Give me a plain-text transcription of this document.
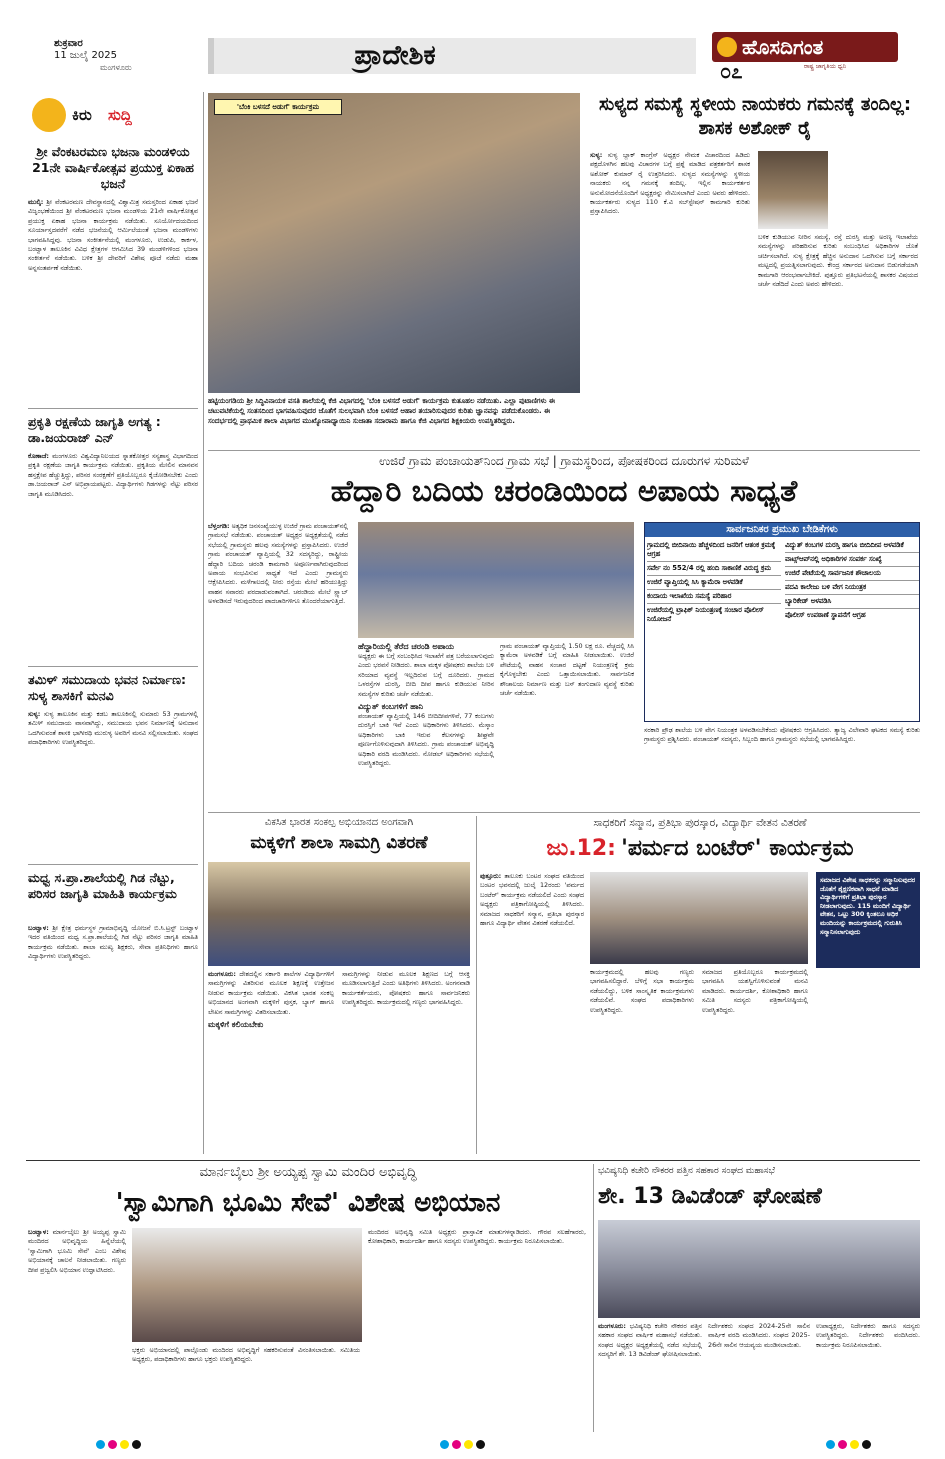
ಶುಕ್ರವಾರ
11 ಜುಲೈ 2025
ಮಂಗಳೂರು	ಪ್ರಾದೇಶಿಕ	ಹೊಸದಿಗಂತ
ರಾಷ್ಟ್ರ ಜಾಗೃತಿಯ ಧ್ವನಿ
೦೭
ಕಿರು ಸುದ್ದಿ
ಶ್ರೀ ವೆಂಕಟರಮಣ ಭಜನಾ ಮಂಡಳಿಯ 21ನೇ ವಾರ್ಷಿಕೋತ್ಸವ ಪ್ರಯುಕ್ತ ಏಕಾಹ ಭಜನೆ
ಮುಲ್ಕಿ: ಶ್ರೀ ವೆಂಕಟರಮಣ ದೇವಸ್ಥಾನದಲ್ಲಿ ವಿಶ್ವಾಮಿತ್ರ ಸಮಸ್ತರಿಂದ ಏಕಾಹ ಭಜನೆ ವಿಜೃಂಭಣೆಯಿಂದ ಶ್ರೀ ವೆಂಕಟರಮಣ ಭಜನಾ ಮಂಡಳಿಯ 21ನೇ ವಾರ್ಷಿಕೋತ್ಸವ ಪ್ರಯುಕ್ತ ಏಕಾಹ ಭಜನಾ ಕಾರ್ಯಕ್ರಮ ನಡೆಯಿತು. ಸೂರ್ಯೋದಯದಿಂದ ಸೂರ್ಯಾಸ್ತದವರೆಗೆ ನಡೆದ ಭಜನೆಯಲ್ಲಿ ಆರ್ಮಿಲೆಯಂತೆ ಭಜನಾ ಮಂಡಳಿಗಳು ಭಾಗವಹಿಸಿದ್ದವು. ಭಜನಾ ಸಂಕೀರ್ತನೆಯಲ್ಲಿ ಮಂಗಳೂರು, ಉಡುಪಿ, ಕಾರ್ಕಳ, ಬಂಟ್ವಾಳ ತಾಲೂಕಿನ ವಿವಿಧ ಕ್ಷೇತ್ರಗಳ ಆಗಮಿಸಿದ 39 ಮಂಡಳಿಗಳಿಂದ ಭಜನಾ ಸಂಕೀರ್ತನೆ ನಡೆಯಿತು. ಬಳಿಕ ಶ್ರೀ ದೇವರಿಗೆ ವಿಶೇಷ ಪೂಜೆ ನಡೆದು ಮಹಾ ಅನ್ನಸಂತರ್ಪಣೆ ನಡೆಯಿತು.
ಪ್ರಕೃತಿ ರಕ್ಷಣೆಯ ಜಾಗೃತಿ ಅಗತ್ಯ : ಡಾ.ಜಯರಾಜ್ ಎನ್
ಕೊಣಾಜೆ: ಮಂಗಳೂರು ವಿಶ್ವವಿದ್ಯಾನಿಲಯದ ಸ್ನಾತಕೋತ್ತರ ಸಸ್ಯಶಾಸ್ತ್ರ ವಿಭಾಗದಿಂದ ಪ್ರಕೃತಿ ರಕ್ಷಣೆಯ ಜಾಗೃತಿ ಕಾರ್ಯಕ್ರಮ ನಡೆಯಿತು. ಪ್ರಕೃತಿಯ ಮೇಲಿನ ಮಾನವನ ಹಸ್ತಕ್ಷೇಪ ಹೆಚ್ಚುತ್ತಿದ್ದು, ಪರಿಸರ ಸಂರಕ್ಷಣೆಗೆ ಪ್ರತಿಯೊಬ್ಬರೂ ಕೈಜೋಡಿಸಬೇಕು ಎಂದು ಡಾ.ಜಯರಾಜ್ ಎನ್ ಅಭಿಪ್ರಾಯಪಟ್ಟರು. ವಿದ್ಯಾರ್ಥಿಗಳು ಗಿಡಗಳನ್ನು ನೆಟ್ಟು ಪರಿಸರ ಜಾಗೃತಿ ಮೂಡಿಸಿದರು.
ತಮಿಳ್ ಸಮುದಾಯ ಭವನ ನಿರ್ಮಾಣ: ಸುಳ್ಯ ಶಾಸಕಿಗೆ ಮನವಿ
ಸುಳ್ಯ: ಸುಳ್ಯ ತಾಲೂಕಿನ ಮತ್ತು ಕಡಬ ತಾಲೂಕಿನಲ್ಲಿ ಸುಮಾರು 53 ಗ್ರಾಮಗಳಲ್ಲಿ ತಮಿಳ್ ಸಮುದಾಯ ವಾಸವಾಗಿದ್ದು, ಸಮುದಾಯ ಭವನ ನಿರ್ಮಾಣಕ್ಕೆ ಅನುದಾನ ಒದಗಿಸುವಂತೆ ಶಾಸಕಿ ಭಾಗೀರಥಿ ಮುರುಳ್ಯ ಅವರಿಗೆ ಮನವಿ ಸಲ್ಲಿಸಲಾಯಿತು. ಸಂಘದ ಪದಾಧಿಕಾರಿಗಳು ಉಪಸ್ಥಿತರಿದ್ದರು.
ಮಧ್ವ ಸ.ಪ್ರಾ.ಶಾಲೆಯಲ್ಲಿ ಗಿಡ ನೆಟ್ಟು, ಪರಿಸರ ಜಾಗೃತಿ ಮಾಹಿತಿ ಕಾರ್ಯಕ್ರಮ
ಬಂಟ್ವಾಳ: ಶ್ರೀ ಕ್ಷೇತ್ರ ಧರ್ಮಸ್ಥಳ ಗ್ರಾಮಾಭಿವೃದ್ಧಿ ಯೋಜನೆ ಬಿ.ಸಿ.ಟ್ರಸ್ಟ್ ಬಂಟ್ವಾಳ ಇದರ ವತಿಯಿಂದ ಮಧ್ವ ಸ.ಪ್ರಾ.ಶಾಲೆಯಲ್ಲಿ ಗಿಡ ನೆಟ್ಟು ಪರಿಸರ ಜಾಗೃತಿ ಮಾಹಿತಿ ಕಾರ್ಯಕ್ರಮ ನಡೆಯಿತು. ಶಾಲಾ ಮುಖ್ಯ ಶಿಕ್ಷಕರು, ಸೇವಾ ಪ್ರತಿನಿಧಿಗಳು ಹಾಗೂ ವಿದ್ಯಾರ್ಥಿಗಳು ಉಪಸ್ಥಿತರಿದ್ದರು.
'ಬೆಂಕಿ ಬಳಸದೆ ಅಡುಗೆ' ಕಾರ್ಯಕ್ರಮ
ಹಟ್ಟಿಯಂಗಡಿಯ ಶ್ರೀ ಸಿದ್ಧಿವಿನಾಯಕ ವಸತಿ ಶಾಲೆಯಲ್ಲಿ ಕೆಜಿ ವಿಭಾಗದಲ್ಲಿ 'ಬೆಂಕಿ ಬಳಸದೆ ಅಡುಗೆ' ಕಾರ್ಯಕ್ರಮ ಕುತೂಹಲ ನಡೆಯಿತು. ಎಲ್ಲಾ ಪುಟಾಣಿಗಳು ಈ ಚಟುವಟಿಕೆಯಲ್ಲಿ ಸಂತಸದಿಂದ ಭಾಗವಹಿಸುವುದರ ಜೊತೆಗೆ ಸುಲಭವಾಗಿ ಬೆಂಕಿ ಬಳಸದೆ ಆಹಾರ ತಯಾರಿಸುವುದರ ಕುರಿತು ಜ್ಞಾನವನ್ನು ಪಡೆದುಕೊಂಡರು. ಈ ಸಂದರ್ಭದಲ್ಲಿ ಪ್ರಾಥಮಿಕ ಶಾಲಾ ವಿಭಾಗದ ಮುಖ್ಯೋಪಾಧ್ಯಾಯಿನಿ ಸುಜಾತಾ ಸದಾರಾಮ ಹಾಗೂ ಕೆಜಿ ವಿಭಾಗದ ಶಿಕ್ಷಕಿಯರು ಉಪಸ್ಥಿತರಿದ್ದರು.
ಸುಳ್ಯದ ಸಮಸ್ಯೆ ಸ್ಥಳೀಯ ನಾಯಕರು ಗಮನಕ್ಕೆ ತಂದಿಲ್ಲ: ಶಾಸಕ ಅಶೋಕ್ ರೈ
ಸುಳ್ಯ: ಸುಳ್ಯ ಬ್ಲಾಕ್ ಕಾಂಗ್ರೆಸ್ ಅಧ್ಯಕ್ಷರ ನೇಮಕ ವಿಚಾರದಿಂದ ಹಿಡಿದು ಪಕ್ಷದೊಳಗಿನ ಹಲವು ವಿಚಾರಗಳ ಬಗ್ಗೆ ಪ್ರಶ್ನೆ ಮಾಡಿದ ಪತ್ರಕರ್ತರಿಗೆ ಶಾಸಕ ಅಶೋಕ್ ಕುಮಾರ್ ರೈ ಉತ್ತರಿಸಿದರು. ಸುಳ್ಯದ ಸಮಸ್ಯೆಗಳನ್ನು ಸ್ಥಳೀಯ ನಾಯಕರು ನನ್ನ ಗಮನಕ್ಕೆ ತಂದಿಲ್ಲ. ಇಲ್ಲಿನ ಕಾರ್ಯಕರ್ತರ ಅನುಮೋದನೆಯೊಂದಿಗೆ ಅಧ್ಯಕ್ಷರನ್ನು ನೇಮಿಸಲಾಗಿದೆ ಎಂದು ಅವರು ಹೇಳಿದರು. ಕಾರ್ಯಕರ್ತರು ಸುಳ್ಯದ 110 ಕೆ.ವಿ ಸಬ್‌ಸ್ಟೇಷನ್ ಕಾಮಗಾರಿ ಕುರಿತು ಪ್ರಸ್ತಾಪಿಸಿದರು.
ಬಳಿಕ ಕುಡಿಯುವ ನೀರಿನ ಸಮಸ್ಯೆ, ರಸ್ತೆ ದುರಸ್ತಿ ಮತ್ತು ಅರಣ್ಯ ಇಲಾಖೆಯ ಸಮಸ್ಯೆಗಳನ್ನು ಪರಿಹರಿಸುವ ಕುರಿತು ಸಂಬಂಧಿಸಿದ ಅಧಿಕಾರಿಗಳ ಜೊತೆ ಚರ್ಚಿಸಲಾಗಿದೆ. ಸುಳ್ಯ ಕ್ಷೇತ್ರಕ್ಕೆ ಹೆಚ್ಚಿನ ಅನುದಾನ ಒದಗಿಸುವ ಬಗ್ಗೆ ಸರ್ಕಾರದ ಮಟ್ಟದಲ್ಲಿ ಪ್ರಯತ್ನಿಸಲಾಗುವುದು. ಕೇಂದ್ರ ಸರ್ಕಾರದ ಅನುದಾನ ಬಿಡುಗಡೆಯಾಗಿ ಕಾಮಗಾರಿ ಆರಂಭವಾಗಬೇಕಿದೆ. ಪುತ್ತೂರು ಪ್ರತಿಭಟನೆಯಲ್ಲಿ ಶಾಸಕರ ವಿಷಯದ ಚರ್ಚೆ ನಡೆದಿದೆ ಎಂದು ಅವರು ಹೇಳಿದರು.
ಉಜಿರೆ ಗ್ರಾಮ ಪಂಚಾಯತ್‌ನಿಂದ ಗ್ರಾಮ ಸಭೆ | ಗ್ರಾಮಸ್ಥರಿಂದ, ಪೋಷಕರಿಂದ ದೂರುಗಳ ಸುರಿಮಳೆ
ಹೆದ್ದಾರಿ ಬದಿಯ ಚರಂಡಿಯಿಂದ ಅಪಾಯ ಸಾಧ್ಯತೆ
ಬೆಳ್ತಂಗಡಿ: ಅತ್ಯಧಿಕ ಜನಸಂಖ್ಯೆಯುಳ್ಳ ಉಜಿರೆ ಗ್ರಾಮ ಪಂಚಾಯತ್‌ನಲ್ಲಿ ಗ್ರಾಮಸಭೆ ನಡೆಯಿತು. ಪಂಚಾಯತ್ ಅಧ್ಯಕ್ಷರ ಅಧ್ಯಕ್ಷತೆಯಲ್ಲಿ ನಡೆದ ಸಭೆಯಲ್ಲಿ ಗ್ರಾಮಸ್ಥರು ಹಲವು ಸಮಸ್ಯೆಗಳನ್ನು ಪ್ರಸ್ತಾಪಿಸಿದರು. ಉಜಿರೆ ಗ್ರಾಮ ಪಂಚಾಯತ್ ವ್ಯಾಪ್ತಿಯಲ್ಲಿ 32 ಸದಸ್ಯರಿದ್ದು, ರಾಷ್ಟ್ರೀಯ ಹೆದ್ದಾರಿ ಬದಿಯ ಚರಂಡಿ ಕಾಮಗಾರಿ ಅಪೂರ್ಣವಾಗಿರುವುದರಿಂದ ಅಪಾಯ ಸಂಭವಿಸುವ ಸಾಧ್ಯತೆ ಇದೆ ಎಂದು ಗ್ರಾಮಸ್ಥರು ಆಕ್ಷೇಪಿಸಿದರು. ಮಳೆಗಾಲದಲ್ಲಿ ನೀರು ರಸ್ತೆಯ ಮೇಲೆ ಹರಿಯುತ್ತಿದ್ದು ವಾಹನ ಸವಾರರು ಪರದಾಡುವಂತಾಗಿದೆ. ಚರಂಡಿಯ ಮೇಲೆ ಸ್ಲ್ಯಾಬ್ ಅಳವಡಿಸದೆ ಇರುವುದರಿಂದ ಪಾದಚಾರಿಗಳಿಗೂ ತೊಂದರೆಯಾಗುತ್ತಿದೆ.
ಹೆದ್ದಾರಿಯಲ್ಲಿ ತೆರೆದ ಚರಂಡಿ ಅಪಾಯ
ಅಧ್ಯಕ್ಷರು ಈ ಬಗ್ಗೆ ಸಂಬಂಧಿಸಿದ ಇಲಾಖೆಗೆ ಪತ್ರ ಬರೆಯಲಾಗುವುದು ಎಂದು ಭರವಸೆ ನೀಡಿದರು. ಶಾಲಾ ಮಕ್ಕಳ ಪೋಷಕರು ಶಾಲೆಯ ಬಳಿ ಸರಿಯಾದ ವ್ಯವಸ್ಥೆ ಇಲ್ಲದಿರುವ ಬಗ್ಗೆ ದೂರಿದರು. ಗ್ರಾಮದ ಒಳರಸ್ತೆಗಳ ದುರಸ್ತಿ, ಬೀದಿ ದೀಪ ಹಾಗೂ ಕುಡಿಯುವ ನೀರಿನ ಸಮಸ್ಯೆಗಳ ಕುರಿತು ಚರ್ಚೆ ನಡೆಯಿತು.
ವಿದ್ಯುತ್ ಕಂಬಗಳಿಗೆ ಹಾನಿ
ಪಂಚಾಯತ್ ವ್ಯಾಪ್ತಿಯಲ್ಲಿ 146 ಬೀದಿದೀಪಗಳಿವೆ, 77 ಕಂಬಗಳು ದುರಸ್ತಿಗೆ ಬಾಕಿ ಇವೆ ಎಂದು ಅಧಿಕಾರಿಗಳು ತಿಳಿಸಿದರು. ಮೆಸ್ಕಾಂ ಅಧಿಕಾರಿಗಳು ಬಾಕಿ ಇರುವ ಕೆಲಸಗಳನ್ನು ಶೀಘ್ರವೇ ಪೂರ್ಣಗೊಳಿಸುವುದಾಗಿ ತಿಳಿಸಿದರು. ಗ್ರಾಮ ಪಂಚಾಯತ್ ಅಭಿವೃದ್ಧಿ ಅಧಿಕಾರಿ ವರದಿ ಮಂಡಿಸಿದರು. ನೋಡಲ್ ಅಧಿಕಾರಿಗಳು ಸಭೆಯಲ್ಲಿ ಉಪಸ್ಥಿತರಿದ್ದರು.
ಗ್ರಾಮ ಪಂಚಾಯತ್ ವ್ಯಾಪ್ತಿಯಲ್ಲಿ 1.50 ಲಕ್ಷ ರೂ. ವೆಚ್ಚದಲ್ಲಿ ಸಿಸಿ ಕ್ಯಾಮೆರಾ ಅಳವಡಿಕೆ ಬಗ್ಗೆ ಮಾಹಿತಿ ನೀಡಲಾಯಿತು. ಉಜಿರೆ ಪೇಟೆಯಲ್ಲಿ ವಾಹನ ಸಂಚಾರ ದಟ್ಟಣೆ ನಿಯಂತ್ರಣಕ್ಕೆ ಕ್ರಮ ಕೈಗೊಳ್ಳಬೇಕು ಎಂದು ಒತ್ತಾಯಿಸಲಾಯಿತು. ಸಾರ್ವಜನಿಕ ಶೌಚಾಲಯ ನಿರ್ಮಾಣ ಮತ್ತು ಬಸ್ ತಂಗುದಾಣ ವ್ಯವಸ್ಥೆ ಕುರಿತು ಚರ್ಚೆ ನಡೆಯಿತು.
ಸಾರ್ವಜನಿಕರ ಪ್ರಮುಖ ಬೇಡಿಕೆಗಳು
ಗ್ರಾಮದಲ್ಲಿ ಬೀದಿನಾಯಿ ಹೆಚ್ಚಳದಿಂದ ಜನರಿಗೆ ಆತಂಕ ಕ್ರಮಕ್ಕೆ ಆಗ್ರಹ
ಸರ್ವೇ ನಂ 552/4 ರಲ್ಲಿ ಹಂದಿ ಸಾಕಾಣಿಕೆ ವಿರುದ್ಧ ಕ್ರಮ
ಉಜಿರೆ ವ್ಯಾಪ್ತಿಯಲ್ಲಿ ಸಿಸಿ ಕ್ಯಾಮೆರಾ ಅಳವಡಿಕೆ
ಕಂದಾಯ ಇಲಾಖೆಯ ಸಮಸ್ಯೆ ಪರಿಹಾರ
ಉಜಿರೆಯಲ್ಲಿ ಟ್ರಾಫಿಕ್ ನಿಯಂತ್ರಣಕ್ಕೆ ಸಂಚಾರ ಪೊಲೀಸ್ ನಿಯೋಜನೆ
ವಿದ್ಯುತ್ ಕಂಬಗಳ ದುರಸ್ತಿ ಹಾಗೂ ಬೀದಿದೀಪ ಅಳವಡಿಕೆ
ವಾಟ್ಸ್ಆಪ್‌ನಲ್ಲಿ ಅಧಿಕಾರಿಗಳ ಸಂಪರ್ಕ ಸಂಖ್ಯೆ
ಉಜಿರೆ ಪೇಟೆಯಲ್ಲಿ ಸಾರ್ವಜನಿಕ ಶೌಚಾಲಯ
ಪದವಿ ಕಾಲೇಜು ಬಳಿ ವೇಗ ನಿಯಂತ್ರಕ
ಬ್ಯಾರಿಕೇಡ್ ಅಳವಡಿಸಿ
ಪೊಲೀಸ್ ಉಪಠಾಣೆ ಸ್ಥಾಪನೆಗೆ ಆಗ್ರಹ
ಸರಕಾರಿ ಪ್ರೌಢ ಶಾಲೆಯ ಬಳಿ ವೇಗ ನಿಯಂತ್ರಕ ಅಳವಡಿಸಬೇಕೆಂದು ಪೋಷಕರು ಆಗ್ರಹಿಸಿದರು. ತ್ಯಾಜ್ಯ ವಿಲೇವಾರಿ ಘಟಕದ ಸಮಸ್ಯೆ ಕುರಿತು ಗ್ರಾಮಸ್ಥರು ಪ್ರಶ್ನಿಸಿದರು. ಪಂಚಾಯತ್ ಸದಸ್ಯರು, ಸಿಬ್ಬಂದಿ ಹಾಗೂ ಗ್ರಾಮಸ್ಥರು ಸಭೆಯಲ್ಲಿ ಭಾಗವಹಿಸಿದ್ದರು.
ವಿಕಸಿತ ಭಾರತ ಸಂಕಲ್ಪ ಅಭಿಯಾನದ ಅಂಗವಾಗಿ
ಮಕ್ಕಳಿಗೆ ಶಾಲಾ ಸಾಮಗ್ರಿ ವಿತರಣೆ
ಮಂಗಳೂರು: ದೇಶದಲ್ಲಿನ ಸರ್ಕಾರಿ ಶಾಲೆಗಳ ವಿದ್ಯಾರ್ಥಿಗಳಿಗೆ ಸಾಮಗ್ರಿಗಳನ್ನು ವಿತರಿಸುವ ಮೂಲಕ ಶಿಕ್ಷಣಕ್ಕೆ ಉತ್ತೇಜನ ನೀಡುವ ಕಾರ್ಯಕ್ರಮ ನಡೆಯಿತು. ವಿಕಸಿತ ಭಾರತ ಸಂಕಲ್ಪ ಅಭಿಯಾನದ ಅಂಗವಾಗಿ ಮಕ್ಕಳಿಗೆ ಪುಸ್ತಕ, ಬ್ಯಾಗ್ ಹಾಗೂ ಲೇಖನ ಸಾಮಗ್ರಿಗಳನ್ನು ವಿತರಿಸಲಾಯಿತು.
ಮಕ್ಕಳಿಗೆ ಕಲಿಯಬೇಕು
ಸಾಮಗ್ರಿಗಳನ್ನು ನೀಡುವ ಮೂಲಕ ಶಿಕ್ಷಣದ ಬಗ್ಗೆ ಆಸಕ್ತಿ ಮೂಡಿಸಲಾಗುತ್ತಿದೆ ಎಂದು ಅತಿಥಿಗಳು ತಿಳಿಸಿದರು. ಅಂಗನವಾಡಿ ಕಾರ್ಯಕರ್ತೆಯರು, ಪೋಷಕರು ಹಾಗೂ ಸಾರ್ವಜನಿಕರು ಉಪಸ್ಥಿತರಿದ್ದರು. ಕಾರ್ಯಕ್ರಮದಲ್ಲಿ ಗಣ್ಯರು ಭಾಗವಹಿಸಿದ್ದರು.
ಸಾಧಕರಿಗೆ ಸನ್ಮಾನ, ಪ್ರತಿಭಾ ಪುರಸ್ಕಾರ, ವಿದ್ಯಾರ್ಥಿ ವೇತನ ವಿತರಣೆ
ಜು.12: 'ಪರ್ಮದ ಬಂಟೆರ್' ಕಾರ್ಯಕ್ರಮ
ಪುತ್ತೂರು: ತಾಲೂಕು ಬಂಟರ ಸಂಘದ ವತಿಯಿಂದ ಬಂಟರ ಭವನದಲ್ಲಿ ಜುಲೈ 12ರಂದು 'ಪರ್ಮದ ಬಂಟೆರ್' ಕಾರ್ಯಕ್ರಮ ನಡೆಯಲಿದೆ ಎಂದು ಸಂಘದ ಅಧ್ಯಕ್ಷರು ಪತ್ರಿಕಾಗೋಷ್ಠಿಯಲ್ಲಿ ತಿಳಿಸಿದರು. ಸಮಾಜದ ಸಾಧಕರಿಗೆ ಸನ್ಮಾನ, ಪ್ರತಿಭಾ ಪುರಸ್ಕಾರ ಹಾಗೂ ವಿದ್ಯಾರ್ಥಿ ವೇತನ ವಿತರಣೆ ನಡೆಯಲಿದೆ.
ಕಾರ್ಯಕ್ರಮದಲ್ಲಿ ಹಲವು ಗಣ್ಯರು ಭಾಗವಹಿಸಲಿದ್ದಾರೆ. ಬೆಳಿಗ್ಗೆ ಸಭಾ ಕಾರ್ಯಕ್ರಮ ನಡೆಯಲಿದ್ದು, ಬಳಿಕ ಸಾಂಸ್ಕೃತಿಕ ಕಾರ್ಯಕ್ರಮಗಳು ನಡೆಯಲಿವೆ. ಸಂಘದ ಪದಾಧಿಕಾರಿಗಳು ಉಪಸ್ಥಿತರಿದ್ದರು.
ಸಮಾಜದ ಪ್ರತಿಯೊಬ್ಬರೂ ಕಾರ್ಯಕ್ರಮದಲ್ಲಿ ಭಾಗವಹಿಸಿ ಯಶಸ್ವಿಗೊಳಿಸುವಂತೆ ಮನವಿ ಮಾಡಿದರು. ಕಾರ್ಯದರ್ಶಿ, ಕೋಶಾಧಿಕಾರಿ ಹಾಗೂ ಸಮಿತಿ ಸದಸ್ಯರು ಪತ್ರಿಕಾಗೋಷ್ಠಿಯಲ್ಲಿ ಉಪಸ್ಥಿತರಿದ್ದರು.
ಸಮಾಜದ ವಿಶೇಷ ಸಾಧಕರನ್ನು ಸನ್ಮಾನಿಸುವುದರ ಜೊತೆಗೆ ಶೈಕ್ಷಣಿಕವಾಗಿ ಸಾಧನೆ ಮಾಡಿದ ವಿದ್ಯಾರ್ಥಿಗಳಿಗೆ ಪ್ರತಿಭಾ ಪುರಸ್ಕಾರ ನೀಡಲಾಗುವುದು. 115 ಮಂದಿಗೆ ವಿದ್ಯಾರ್ಥಿ ವೇತನ, ಒಟ್ಟು 300 ಕ್ಕಿಂತಲೂ ಅಧಿಕ ಮಂದಿಯನ್ನು ಕಾರ್ಯಕ್ರಮದಲ್ಲಿ ಗುರುತಿಸಿ ಸನ್ಮಾನಿಸಲಾಗುವುದು
ಮಾರ್ನಬೈಲು ಶ್ರೀ ಅಯ್ಯಪ್ಪ ಸ್ವಾಮಿ ಮಂದಿರ ಅಭಿವೃದ್ಧಿ
'ಸ್ವಾಮಿಗಾಗಿ ಭೂಮಿ ಸೇವೆ' ವಿಶೇಷ ಅಭಿಯಾನ
ಬಂಟ್ವಾಳ: ಮಾರ್ನಬೈಲು ಶ್ರೀ ಅಯ್ಯಪ್ಪ ಸ್ವಾಮಿ ಮಂದಿರದ ಅಭಿವೃದ್ಧಿಯ ಹಿನ್ನೆಲೆಯಲ್ಲಿ 'ಸ್ವಾಮಿಗಾಗಿ ಭೂಮಿ ಸೇವೆ' ಎಂಬ ವಿಶೇಷ ಅಭಿಯಾನಕ್ಕೆ ಚಾಲನೆ ನೀಡಲಾಯಿತು. ಗಣ್ಯರು ದೀಪ ಪ್ರಜ್ವಲಿಸಿ ಅಭಿಯಾನ ಉದ್ಘಾಟಿಸಿದರು.
ಭಕ್ತರು ಅಭಿಯಾನದಲ್ಲಿ ಪಾಲ್ಗೊಂಡು ಮಂದಿರದ ಅಭಿವೃದ್ಧಿಗೆ ಸಹಕರಿಸುವಂತೆ ವಿನಂತಿಸಲಾಯಿತು. ಸಮಿತಿಯ ಅಧ್ಯಕ್ಷರು, ಪದಾಧಿಕಾರಿಗಳು ಹಾಗೂ ಭಕ್ತರು ಉಪಸ್ಥಿತರಿದ್ದರು.
ಮಂದಿರದ ಅಭಿವೃದ್ಧಿ ಸಮಿತಿ ಅಧ್ಯಕ್ಷರು ಪ್ರಾಸ್ತಾವಿಕ ಮಾತುಗಳನ್ನಾಡಿದರು. ಗೌರವ ಸಲಹೆಗಾರರು, ಕೋಶಾಧಿಕಾರಿ, ಕಾರ್ಯದರ್ಶಿ ಹಾಗೂ ಸದಸ್ಯರು ಉಪಸ್ಥಿತರಿದ್ದರು. ಕಾರ್ಯಕ್ರಮ ನಿರೂಪಿಸಲಾಯಿತು.
ಭವಿಷ್ಯನಿಧಿ ಕಚೇರಿ ನೌಕರರ ಪತ್ತಿನ ಸಹಕಾರ ಸಂಘದ ಮಹಾಸಭೆ
ಶೇ. 13 ಡಿವಿಡೆಂಡ್ ಘೋಷಣೆ
ಮಂಗಳೂರು: ಭವಿಷ್ಯನಿಧಿ ಕಚೇರಿ ನೌಕರರ ಪತ್ತಿನ ಸಹಕಾರ ಸಂಘದ ವಾರ್ಷಿಕ ಮಹಾಸಭೆ ನಡೆಯಿತು. ಸಂಘದ ಅಧ್ಯಕ್ಷರ ಅಧ್ಯಕ್ಷತೆಯಲ್ಲಿ ನಡೆದ ಸಭೆಯಲ್ಲಿ ಸದಸ್ಯರಿಗೆ ಶೇ. 13 ಡಿವಿಡೆಂಡ್ ಘೋಷಿಸಲಾಯಿತು.
ನಿರ್ದೇಶಕರು ಸಂಘದ 2024-25ನೇ ಸಾಲಿನ ವಾರ್ಷಿಕ ವರದಿ ಮಂಡಿಸಿದರು. ಸಂಘದ 2025-26ನೇ ಸಾಲಿನ ಆಯವ್ಯಯ ಮಂಡಿಸಲಾಯಿತು.
ಉಪಾಧ್ಯಕ್ಷರು, ನಿರ್ದೇಶಕರು ಹಾಗೂ ಸದಸ್ಯರು ಉಪಸ್ಥಿತರಿದ್ದರು. ನಿರ್ದೇಶಕರು ವಂದಿಸಿದರು. ಕಾರ್ಯಕ್ರಮ ನಿರೂಪಿಸಲಾಯಿತು.
